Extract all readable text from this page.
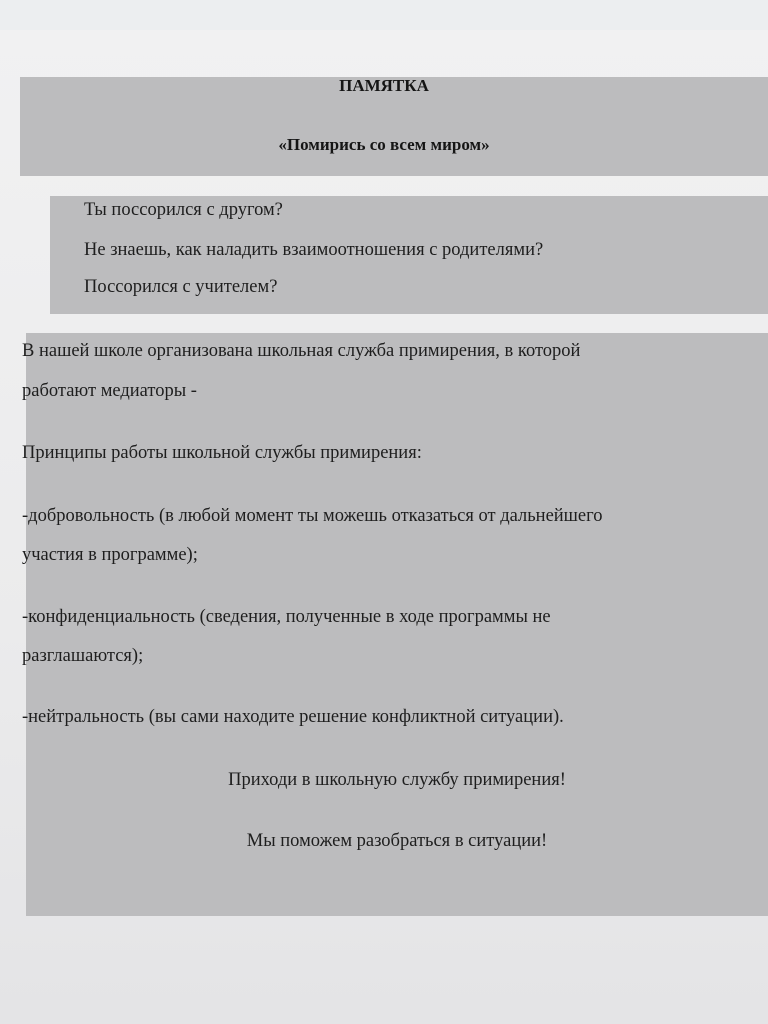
ПАМЯТКА
«Помирись со всем миром»
Ты поссорился с другом?
Не знаешь, как наладить взаимоотношения с родителями?
Поссорился с учителем?
В нашей школе организована школьная служба примирения, в которой
работают медиаторы -
Принципы работы школьной службы примирения:
-добровольность (в любой момент ты можешь отказаться от дальнейшего
участия в программе);
-конфиденциальность (сведения, полученные в ходе программы не
разглашаются);
-нейтральность (вы сами находите решение конфликтной ситуации).
Приходи в школьную службу примирения!
Мы поможем разобраться в ситуации!
